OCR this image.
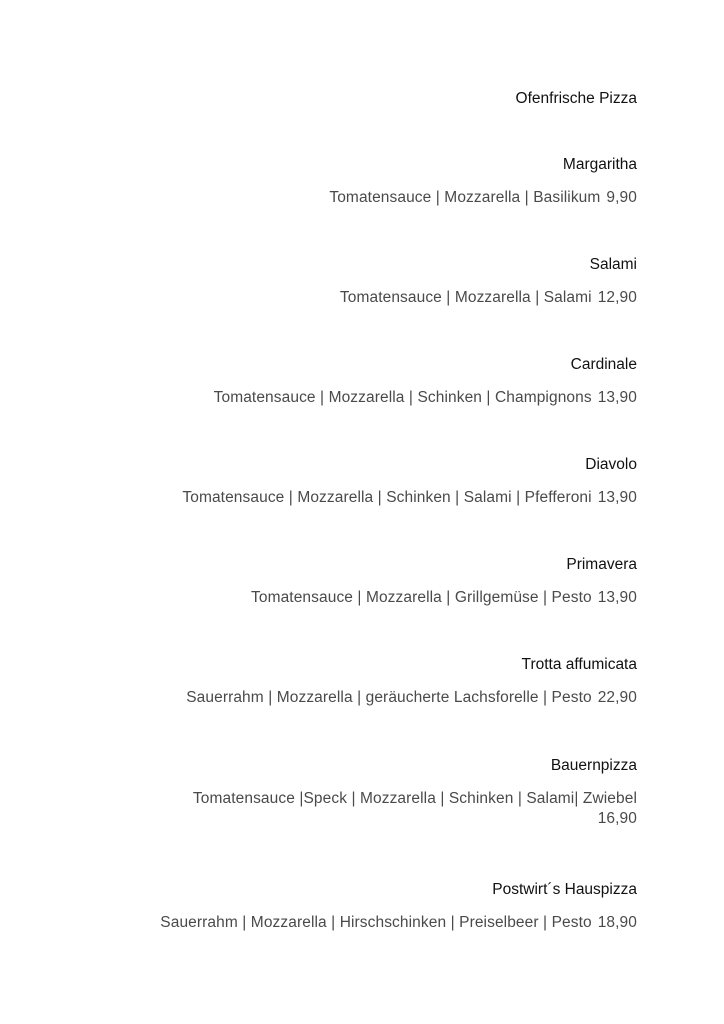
Ofenfrische Pizza
Margaritha
Tomatensauce | Mozzarella | Basilikum 9,90
Salami
Tomatensauce | Mozzarella | Salami 12,90
Cardinale
Tomatensauce | Mozzarella | Schinken | Champignons 13,90
Diavolo
Tomatensauce | Mozzarella | Schinken | Salami | Pfefferoni 13,90
Primavera
Tomatensauce | Mozzarella | Grillgemüse | Pesto 13,90
Trotta affumicata
Sauerrahm | Mozzarella | geräucherte Lachsforelle | Pesto 22,90
Bauernpizza
Tomatensauce |Speck | Mozzarella | Schinken | Salami| Zwiebel
16,90
Postwirt´s Hauspizza
Sauerrahm | Mozzarella | Hirschschinken | Preiselbeer | Pesto 18,90
